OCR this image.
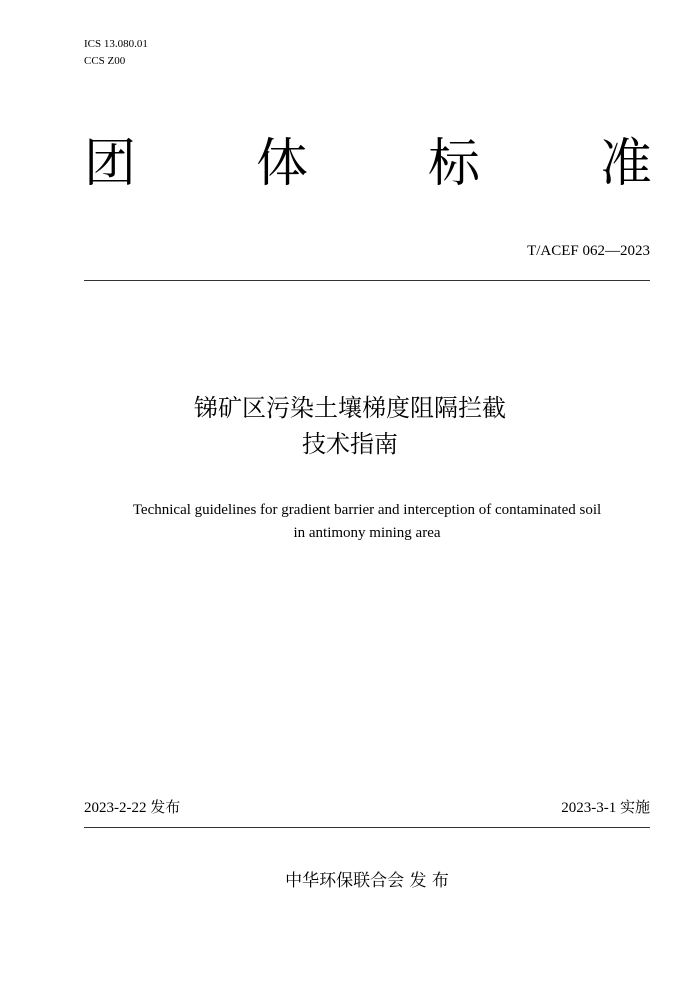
ICS 13.080.01
CCS Z00
团 体 标 准
T/ACEF 062—2023
锑矿区污染土壤梯度阻隔拦截
技术指南
Technical guidelines for gradient barrier and interception of contaminated soil
in antimony mining area
2023-2-22 发布	2023-3-1 实施
中华环保联合会 发 布
